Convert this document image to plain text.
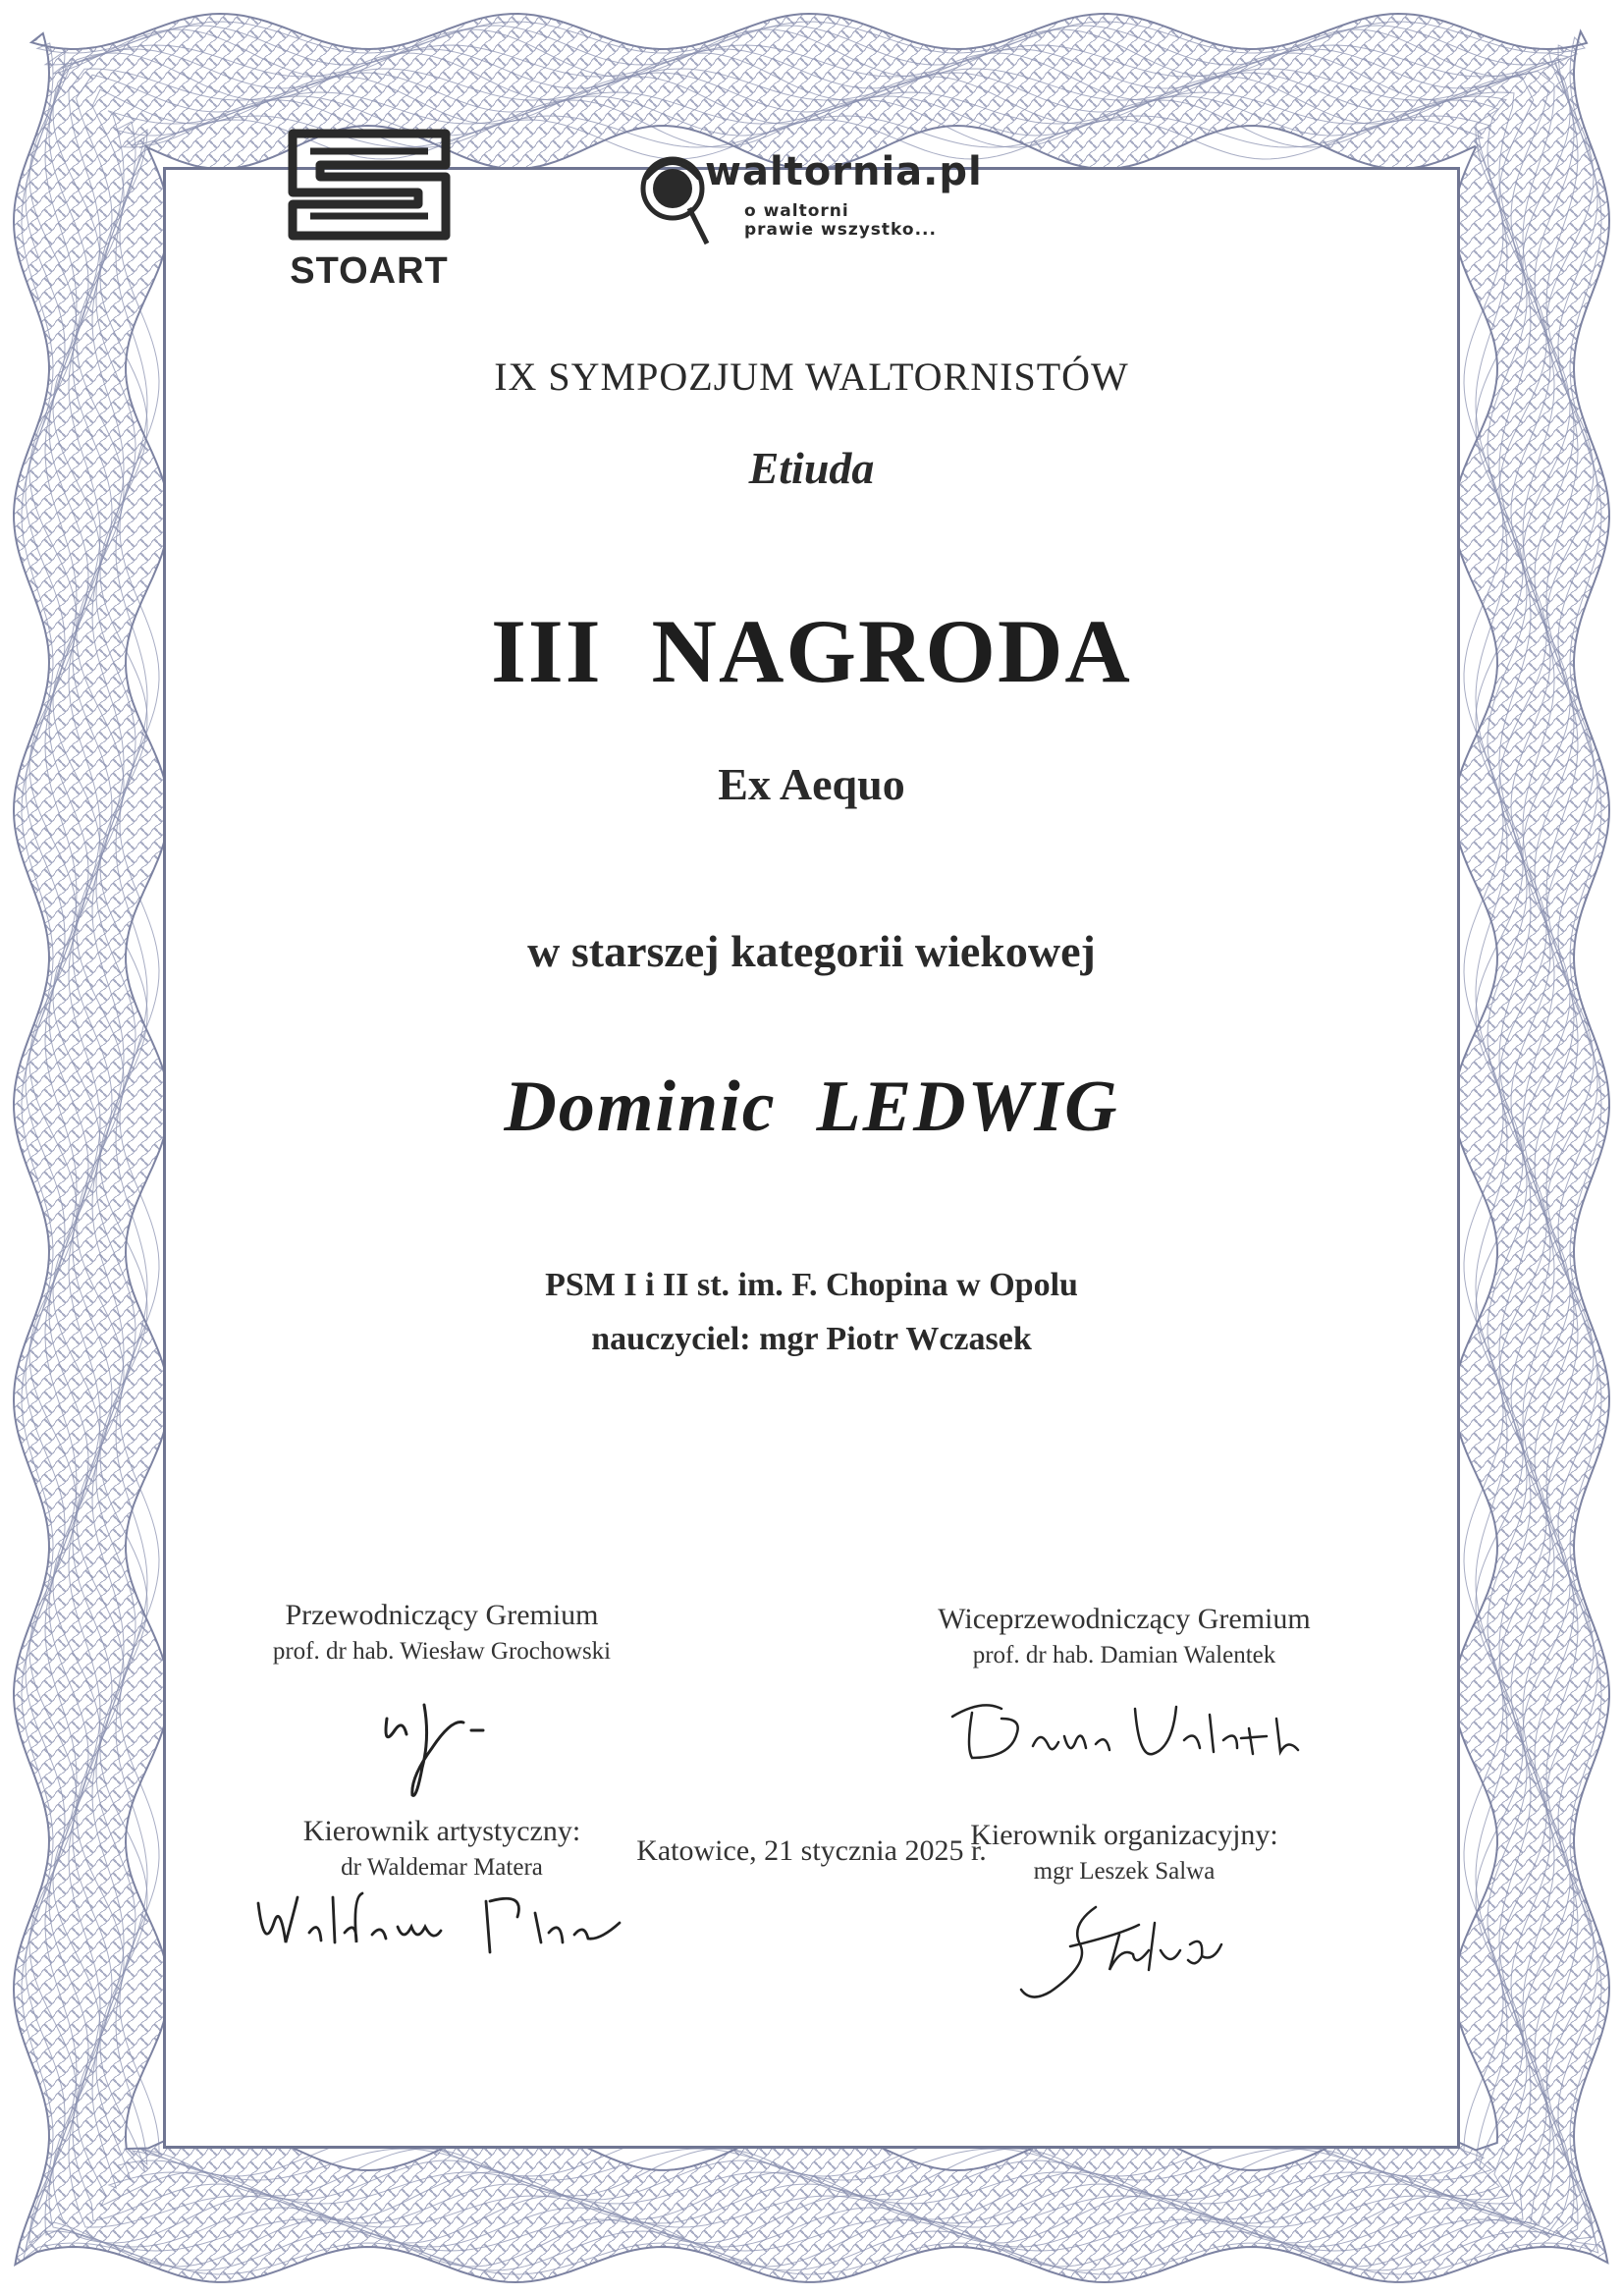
STOART
waltornia.pl
o waltorni
prawie wszystko...
IX SYMPOZJUM WALTORNISTÓW
Etiuda
III  NAGRODA
Ex Aequo
w starszej kategorii wiekowej
Dominic  LEDWIG
PSM I i II st. im. F. Chopina w Opolu
nauczyciel: mgr Piotr Wczasek
Przewodniczący Gremium
prof. dr hab. Wiesław Grochowski
Wiceprzewodniczący Gremium
prof. dr hab. Damian Walentek
Kierownik artystyczny:
dr Waldemar Matera
Kierownik organizacyjny:
mgr Leszek Salwa
Katowice, 21 stycznia 2025 r.
